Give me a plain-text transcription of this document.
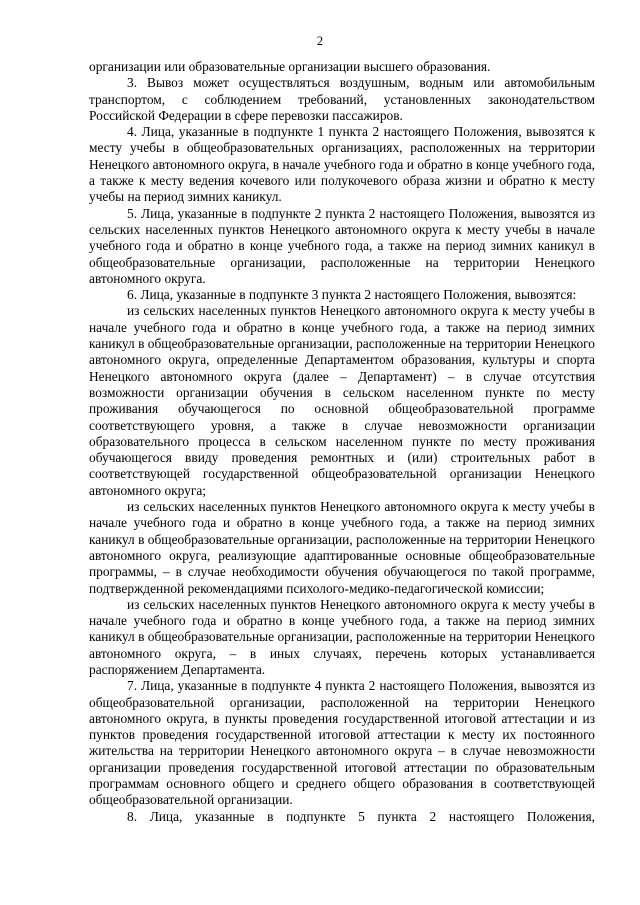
2

организации или образовательные организации высшего образования.

3. Вывоз может осуществляться воздушным, водным или автомобильным транспортом, с соблюдением требований, установленных законодательством Российской Федерации в сфере перевозки пассажиров.

4. Лица, указанные в подпункте 1 пункта 2 настоящего Положения, вывозятся к месту учебы в общеобразовательных организациях, расположенных на территории Ненецкого автономного округа, в начале учебного года и обратно в конце учебного года, а также к месту ведения кочевого или полукочевого образа жизни и обратно к месту учебы на период зимних каникул.

5. Лица, указанные в подпункте 2 пункта 2 настоящего Положения, вывозятся из сельских населенных пунктов Ненецкого автономного округа к месту учебы в начале учебного года и обратно в конце учебного года, а также на период зимних каникул в общеобразовательные организации, расположенные на территории Ненецкого автономного округа.

6. Лица, указанные в подпункте 3 пункта 2 настоящего Положения, вывозятся:

из сельских населенных пунктов Ненецкого автономного округа к месту учебы в начале учебного года и обратно в конце учебного года, а также на период зимних каникул в общеобразовательные организации, расположенные на территории Ненецкого автономного округа, определенные Департаментом образования, культуры и спорта Ненецкого автономного округа (далее – Департамент) – в случае отсутствия возможности организации обучения в сельском населенном пункте по месту проживания обучающегося по основной общеобразовательной программе соответствующего уровня, а также в случае невозможности организации образовательного процесса в сельском населенном пункте по месту проживания обучающегося ввиду проведения ремонтных и (или) строительных работ в соответствующей государственной общеобразовательной организации Ненецкого автономного округа;

из сельских населенных пунктов Ненецкого автономного округа к месту учебы в начале учебного года и обратно в конце учебного года, а также на период зимних каникул в общеобразовательные организации, расположенные на территории Ненецкого автономного округа, реализующие адаптированные основные общеобразовательные программы, – в случае необходимости обучения обучающегося по такой программе, подтвержденной рекомендациями психолого-медико-педагогической комиссии;

из сельских населенных пунктов Ненецкого автономного округа к месту учебы в начале учебного года и обратно в конце учебного года, а также на период зимних каникул в общеобразовательные организации, расположенные на территории Ненецкого автономного округа, – в иных случаях, перечень которых устанавливается распоряжением Департамента.

7. Лица, указанные в подпункте 4 пункта 2 настоящего Положения, вывозятся из общеобразовательной организации, расположенной на территории Ненецкого автономного округа, в пункты проведения государственной итоговой аттестации и из пунктов проведения государственной итоговой аттестации к месту их постоянного жительства на территории Ненецкого автономного округа – в случае невозможности организации проведения государственной итоговой аттестации по образовательным программам основного общего и среднего общего образования в соответствующей общеобразовательной организации.

8. Лица, указанные в подпункте 5 пункта 2 настоящего Положения,
